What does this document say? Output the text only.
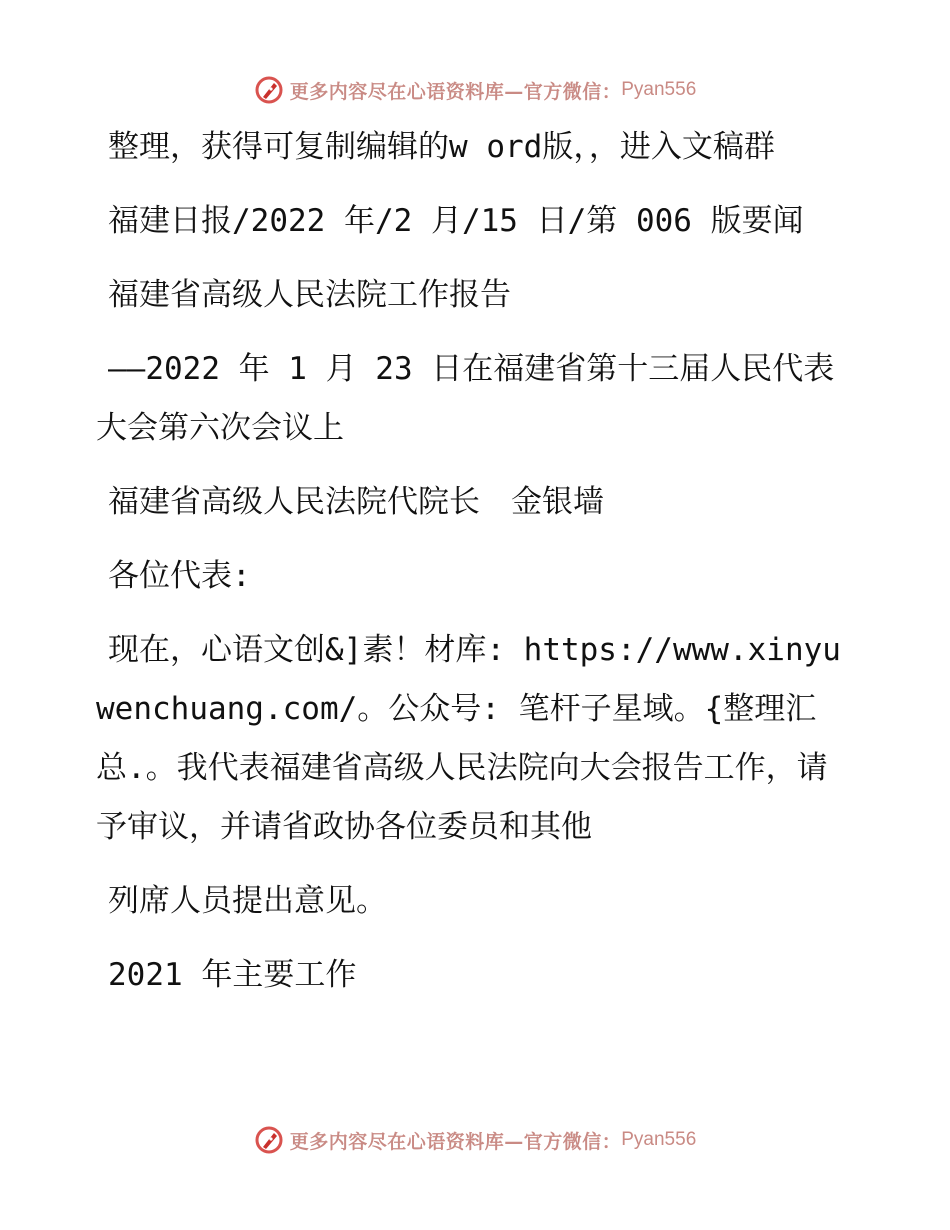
更多内容尽在心语资料库—官方微信： Pyan556

整理，获得可复制编辑的w ord版，，进入文稿群

福建日报/2022 年/2 月/15 日/第 006 版要闻

福建省高级人民法院工作报告

——2022 年 1 月 23 日在福建省第十三届人民代表大会第六次会议上

福建省高级人民法院代院长　金银墙

各位代表:

现在，心语文创&]素！材库: https://www.xinyuwenchuang.com/。公众号: 笔杆子星域。{整理汇总.。我代表福建省高级人民法院向大会报告工作，请予审议，并请省政协各位委员和其他

列席人员提出意见。

2021 年主要工作

更多内容尽在心语资料库—官方微信： Pyan556
